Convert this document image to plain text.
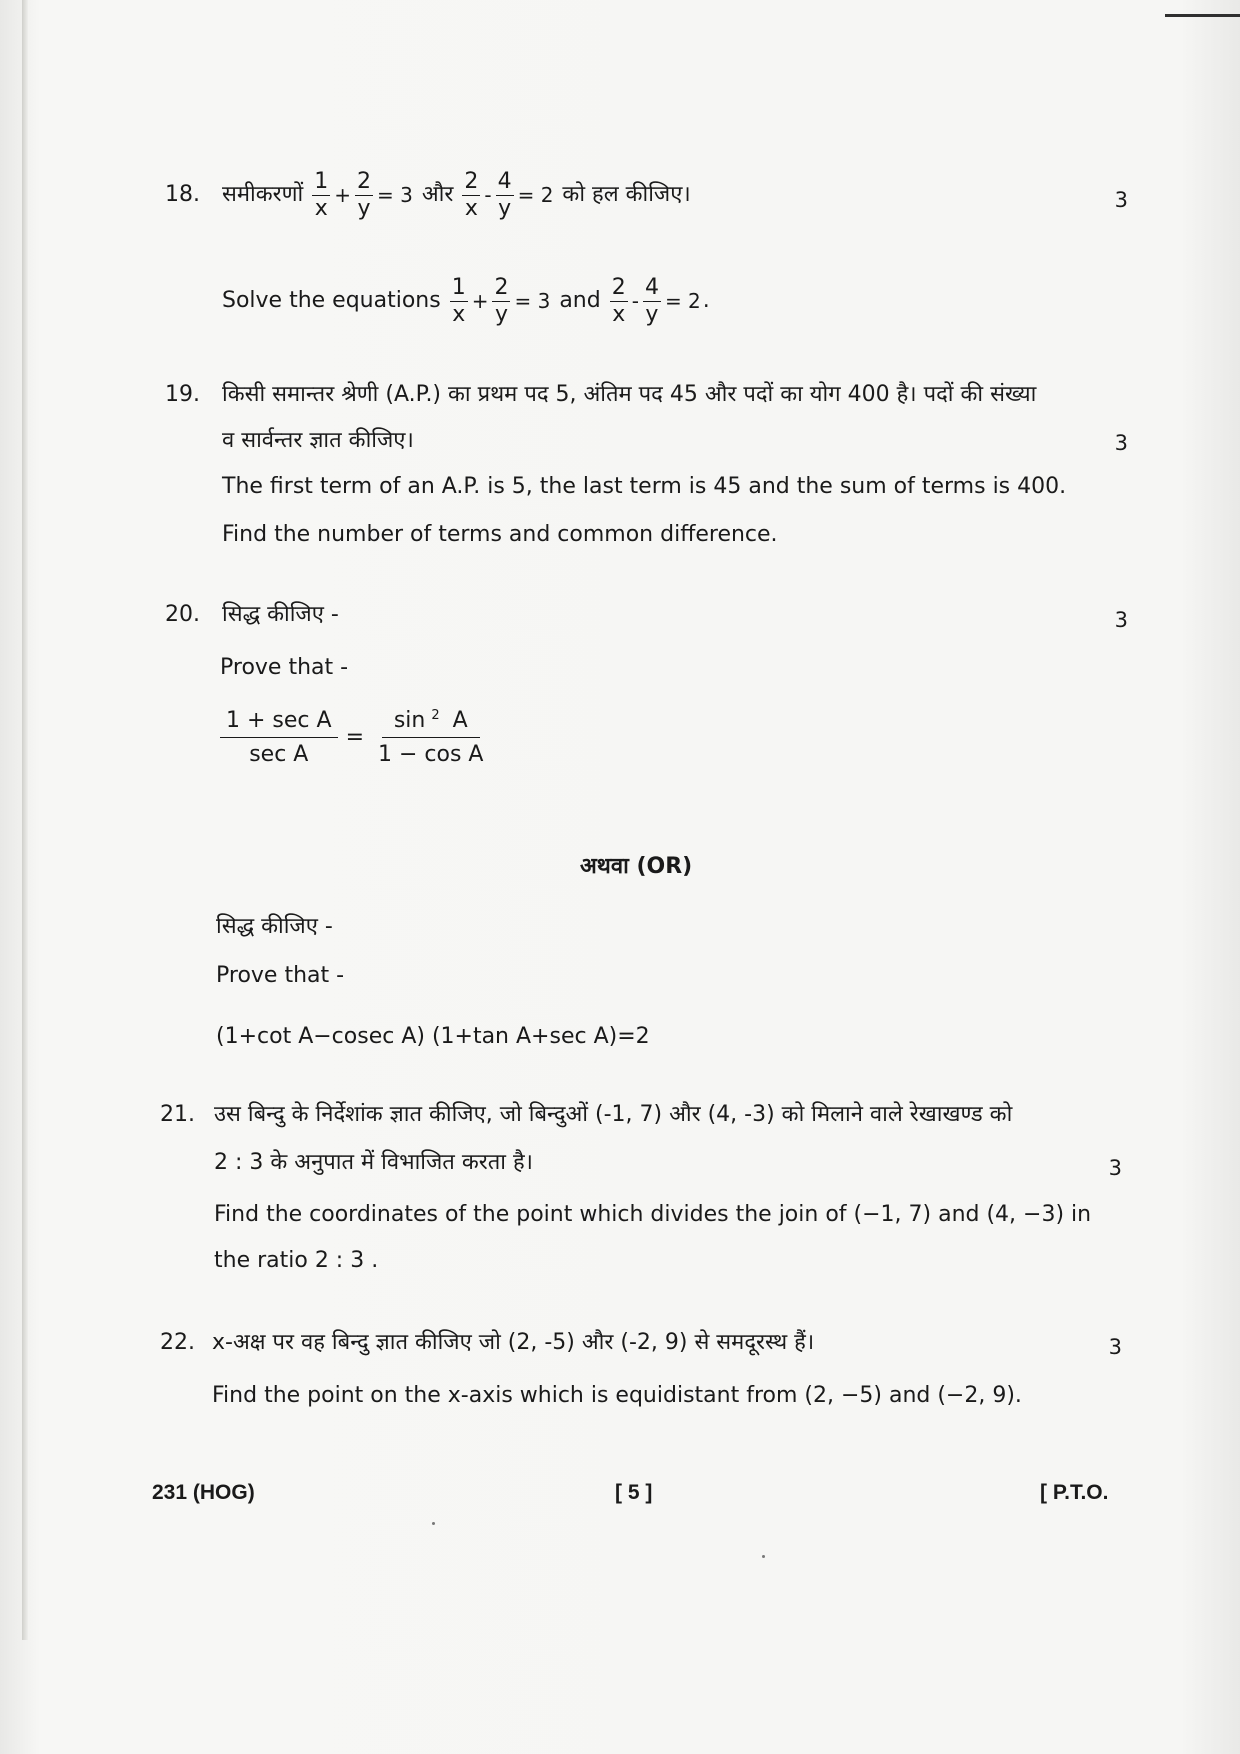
18. समीकरणों $\frac{1}{x} + \frac{2}{y} = 3$ और $\frac{2}{x} - \frac{4}{y} = 2$ को हल कीजिए।	3
Solve the equations $\frac{1}{x} + \frac{2}{y} = 3$ and $\frac{2}{x} - \frac{4}{y} = 2$.
19. किसी समान्तर श्रेणी (A.P.) का प्रथम पद 5, अंतिम पद 45 और पदों का योग 400 है। पदों की संख्या
व सार्वन्तर ज्ञात कीजिए।	3
The first term of an A.P. is 5, the last term is 45 and the sum of terms is 400.
Find the number of terms and common difference.
20. सिद्ध कीजिए -	3
Prove that -
1 + sec A
sec A
= $\frac{\sin ^2 A}{\text{1 − cos A}}$
अथवा (OR)
सिद्ध कीजिए -
Prove that -
(1+cot A−cosec A) (1+tan A+sec A)=2
21. उस बिन्दु के निर्देशांक ज्ञात कीजिए, जो बिन्दुओं (-1, 7) और (4, -3) को मिलाने वाले रेखाखण्ड को
2 : 3 के अनुपात में विभाजित करता है।	3
Find the coordinates of the point which divides the join of (−1, 7) and (4, −3) in
the ratio 2 : 3 .
22. x-अक्ष पर वह बिन्दु ज्ञात कीजिए जो (2, -5) और (-2, 9) से समदूरस्थ हैं।	3
Find the point on the x-axis which is equidistant from (2, −5) and (−2, 9).
231 (HOG)	[ 5 ]	[ P.T.O.
